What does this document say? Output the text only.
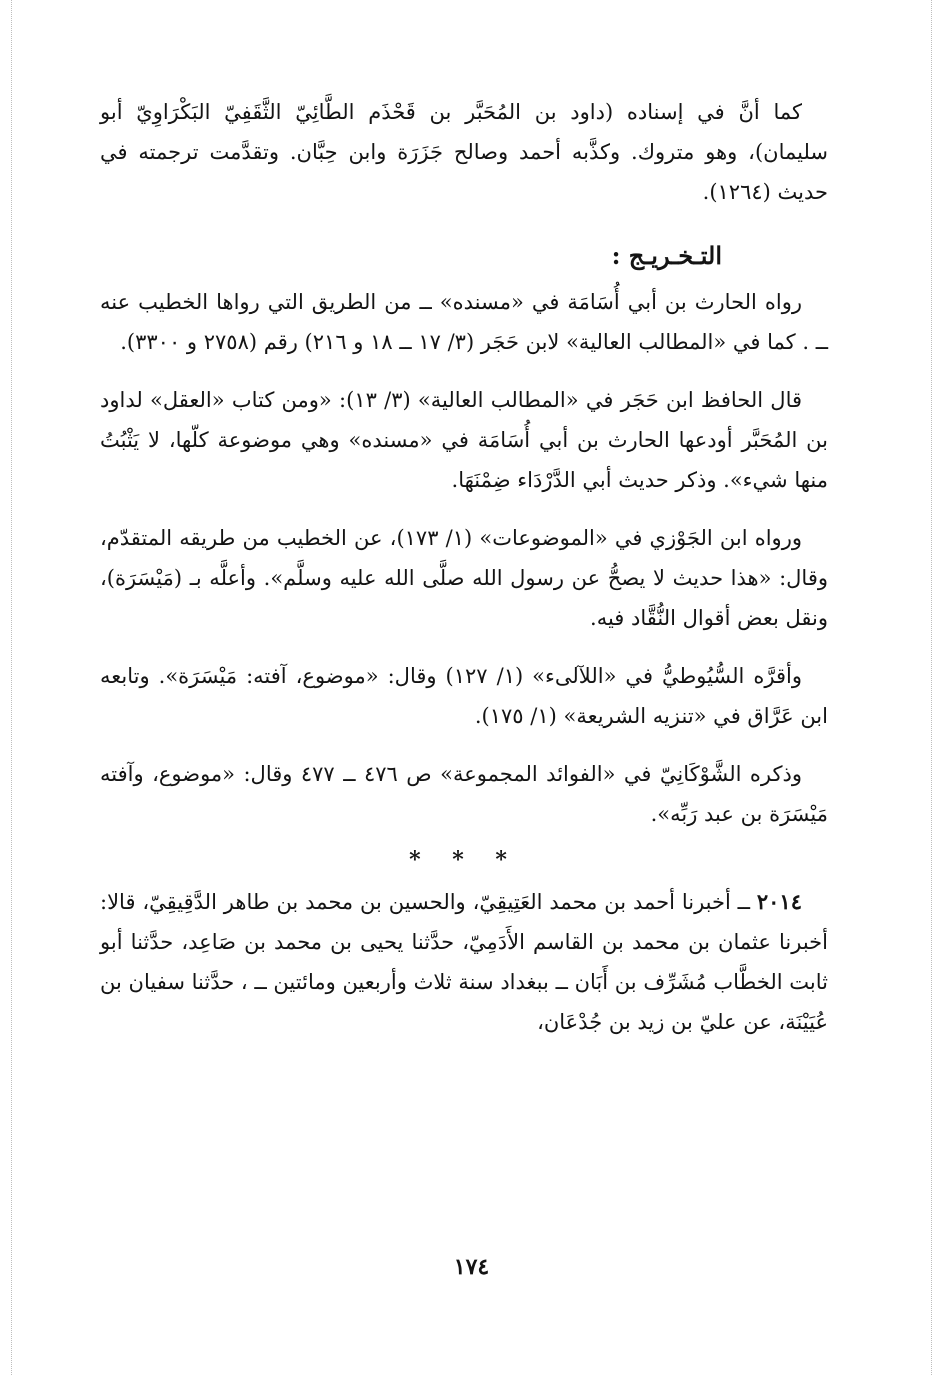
كما أنَّ في إسناده (داود بن المُحَبَّر بن قَحْذَم الطَّائِيّ الثَّقَفِيّ البَكْرَاوِيّ أبو سليمان)، وهو متروك. وكذَّبه أحمد وصالح جَزَرَة وابن حِبَّان. وتقدَّمت ترجمته في حديث (١٢٦٤).

التـخـريـج :

رواه الحارث بن أبي أُسَامَة في «مسنده» ــ من الطريق التي رواها الخطيب عنه ــ . كما في «المطالب العالية» لابن حَجَر (٣/ ١٧ ــ ١٨ و ٢١٦) رقم (٢٧٥٨ و ٣٣٠٠).

قال الحافظ ابن حَجَر في «المطالب العالية» (٣/ ١٣): «ومن كتاب «العقل» لداود بن المُحَبَّر أودعها الحارث بن أبي أُسَامَة في «مسنده» وهي موضوعة كلّها، لا يَثْبُتُ منها شيء». وذكر حديث أبي الدَّرْدَاء ضِمْنَهَا.

ورواه ابن الجَوْزي في «الموضوعات» (١/ ١٧٣)، عن الخطيب من طريقه المتقدّم، وقال: «هذا حديث لا يصحُّ عن رسول الله صلَّى الله عليه وسلَّم». وأعلَّه بـ (مَيْسَرَة)، ونقل بعض أقوال النُّقَّاد فيه.

وأقرَّه السُّيُوطيُّ في «اللآلىء» (١/ ١٢٧) وقال: «موضوع، آفته: مَيْسَرَة». وتابعه ابن عَرَّاق في «تنزيه الشريعة» (١/ ١٧٥).

وذكره الشَّوْكَانِيّ في «الفوائد المجموعة» ص ٤٧٦ ــ ٤٧٧ وقال: «موضوع، وآفته مَيْسَرَة بن عبد رَبِّه».

* * *

٢٠١٤ ــ أخبرنا أحمد بن محمد العَتِيقِيّ، والحسين بن محمد بن طاهر الدَّقِيقِيّ، قالا: أخبرنا عثمان بن محمد بن القاسم الأَدَمِيّ، حدَّثنا يحيى بن محمد بن صَاعِد، حدَّثنا أبو ثابت الخطَّاب مُشَرِّف بن أَبَان ــ ببغداد سنة ثلاث وأربعين ومائتين ــ ، حدَّثنا سفيان بن عُيَيْنَة، عن عليّ بن زيد بن جُدْعَان،

١٧٤
